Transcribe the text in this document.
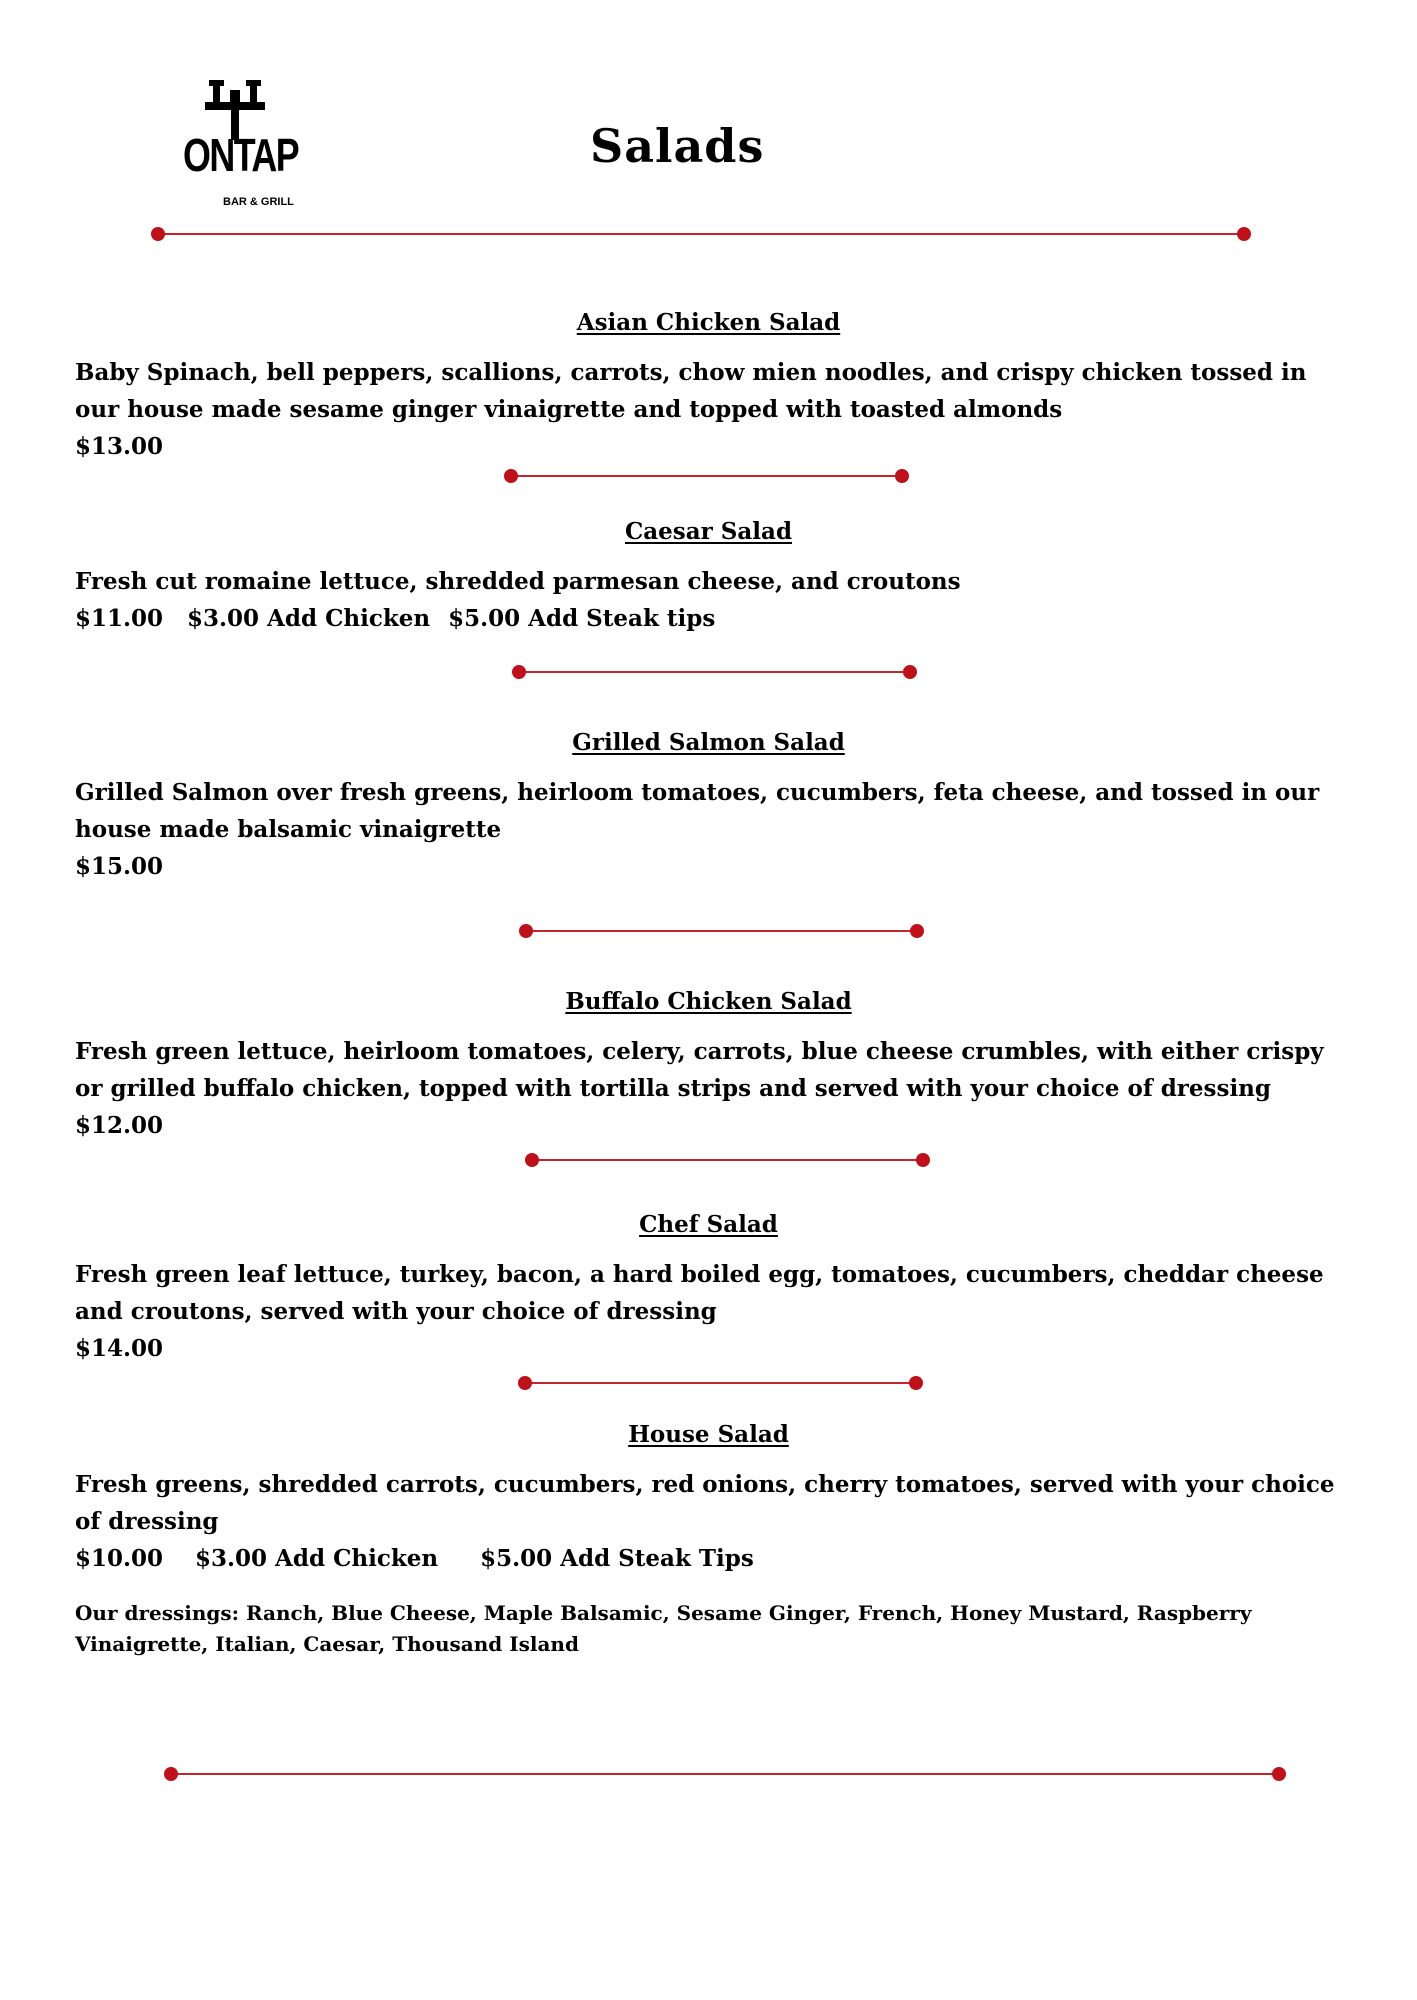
ONTAP
BAR & GRILL
Salads
Asian Chicken Salad

Baby Spinach, bell peppers, scallions, carrots, chow mien noodles, and crispy chicken tossed in our house made sesame ginger vinaigrette and topped with toasted almonds

$13.00
Caesar Salad

Fresh cut romaine lettuce, shredded parmesan cheese, and croutons

$11.00 $3.00 Add Chicken $5.00 Add Steak tips
Grilled Salmon Salad

Grilled Salmon over fresh greens, heirloom tomatoes, cucumbers, feta cheese, and tossed in our house made balsamic vinaigrette

$15.00
Buffalo Chicken Salad

Fresh green lettuce, heirloom tomatoes, celery, carrots, blue cheese crumbles, with either crispy or grilled buffalo chicken, topped with tortilla strips and served with your choice of dressing

$12.00
Chef Salad

Fresh green leaf lettuce, turkey, bacon, a hard boiled egg, tomatoes, cucumbers, cheddar cheese and croutons, served with your choice of dressing

$14.00
House Salad

Fresh greens, shredded carrots, cucumbers, red onions, cherry tomatoes, served with your choice of dressing

$10.00 $3.00 Add Chicken $5.00 Add Steak Tips
Our dressings: Ranch, Blue Cheese, Maple Balsamic, Sesame Ginger, French, Honey Mustard, Raspberry Vinaigrette, Italian, Caesar, Thousand Island
